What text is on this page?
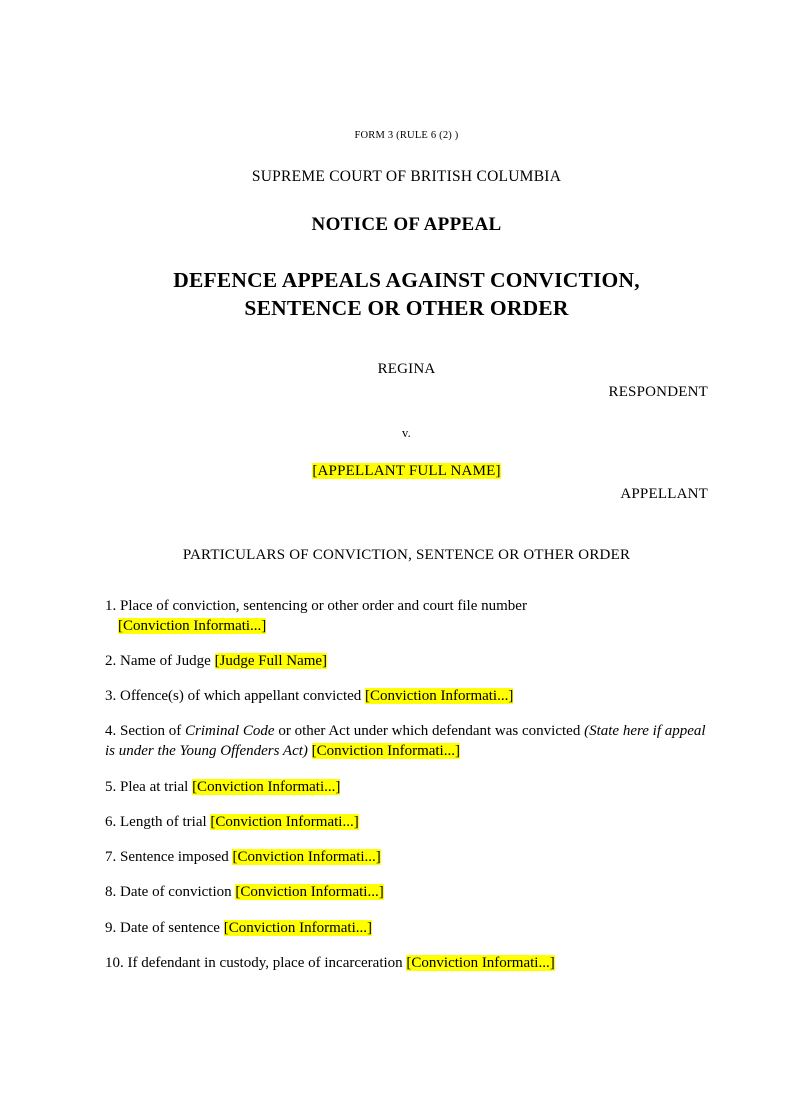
FORM 3 (RULE 6 (2) )
SUPREME COURT OF BRITISH COLUMBIA
NOTICE OF APPEAL
DEFENCE APPEALS AGAINST CONVICTION,
SENTENCE OR OTHER ORDER
REGINA
RESPONDENT
v.
[APPELLANT FULL NAME]
APPELLANT
PARTICULARS OF CONVICTION, SENTENCE OR OTHER ORDER
1. Place of conviction, sentencing or other order and court file number
[Conviction Informati...]
2. Name of Judge [Judge Full Name]
3. Offence(s) of which appellant convicted [Conviction Informati...]
4. Section of Criminal Code or other Act under which defendant was convicted (State here if appeal is under the Young Offenders Act) [Conviction Informati...]
5. Plea at trial [Conviction Informati...]
6. Length of trial [Conviction Informati...]
7. Sentence imposed [Conviction Informati...]
8. Date of conviction [Conviction Informati...]
9. Date of sentence [Conviction Informati...]
10. If defendant in custody, place of incarceration [Conviction Informati...]
